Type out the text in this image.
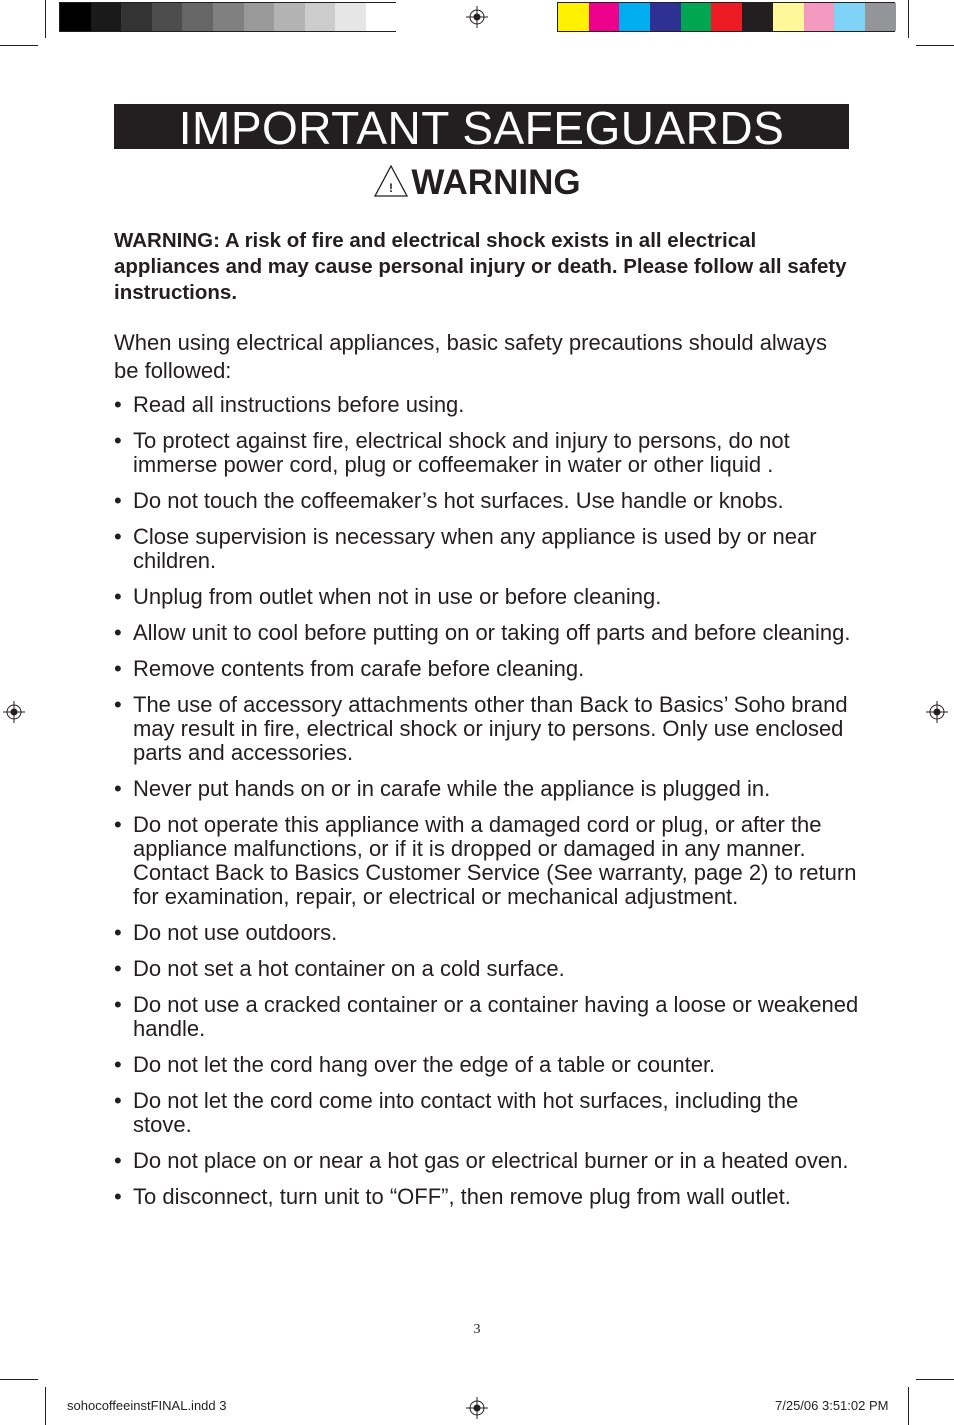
IMPORTANT SAFEGUARDS
! WARNING
WARNING: A risk of fire and electrical shock exists in all electrical appliances and may cause personal injury or death. Please follow all safety instructions.
When using electrical appliances, basic safety precautions should always be followed:
• Read all instructions before using.
• To protect against fire, electrical shock and injury to persons, do not immerse power cord, plug or coffeemaker in water or other liquid .
• Do not touch the coffeemaker’s hot surfaces. Use handle or knobs.
• Close supervision is necessary when any appliance is used by or near children.
• Unplug from outlet when not in use or before cleaning.
• Allow unit to cool before putting on or taking off parts and before cleaning.
• Remove contents from carafe before cleaning.
• The use of accessory attachments other than Back to Basics’ Soho brand may result in fire, electrical shock or injury to persons. Only use enclosed parts and accessories.
• Never put hands on or in carafe while the appliance is plugged in.
• Do not operate this appliance with a damaged cord or plug, or after the appliance malfunctions, or if it is dropped or damaged in any manner. Contact Back to Basics Customer Service (See warranty, page 2) to return for examination, repair, or electrical or mechanical adjustment.
• Do not use outdoors.
• Do not set a hot container on a cold surface.
• Do not use a cracked container or a container having a loose or weakened handle.
• Do not let the cord hang over the edge of a table or counter.
• Do not let the cord come into contact with hot surfaces, including the stove.
• Do not place on or near a hot gas or electrical burner or in a heated oven.
• To disconnect, turn unit to “OFF”, then remove plug from wall outlet.
3
sohocoffeeinstFINAL.indd 3	7/25/06 3:51:02 PM
